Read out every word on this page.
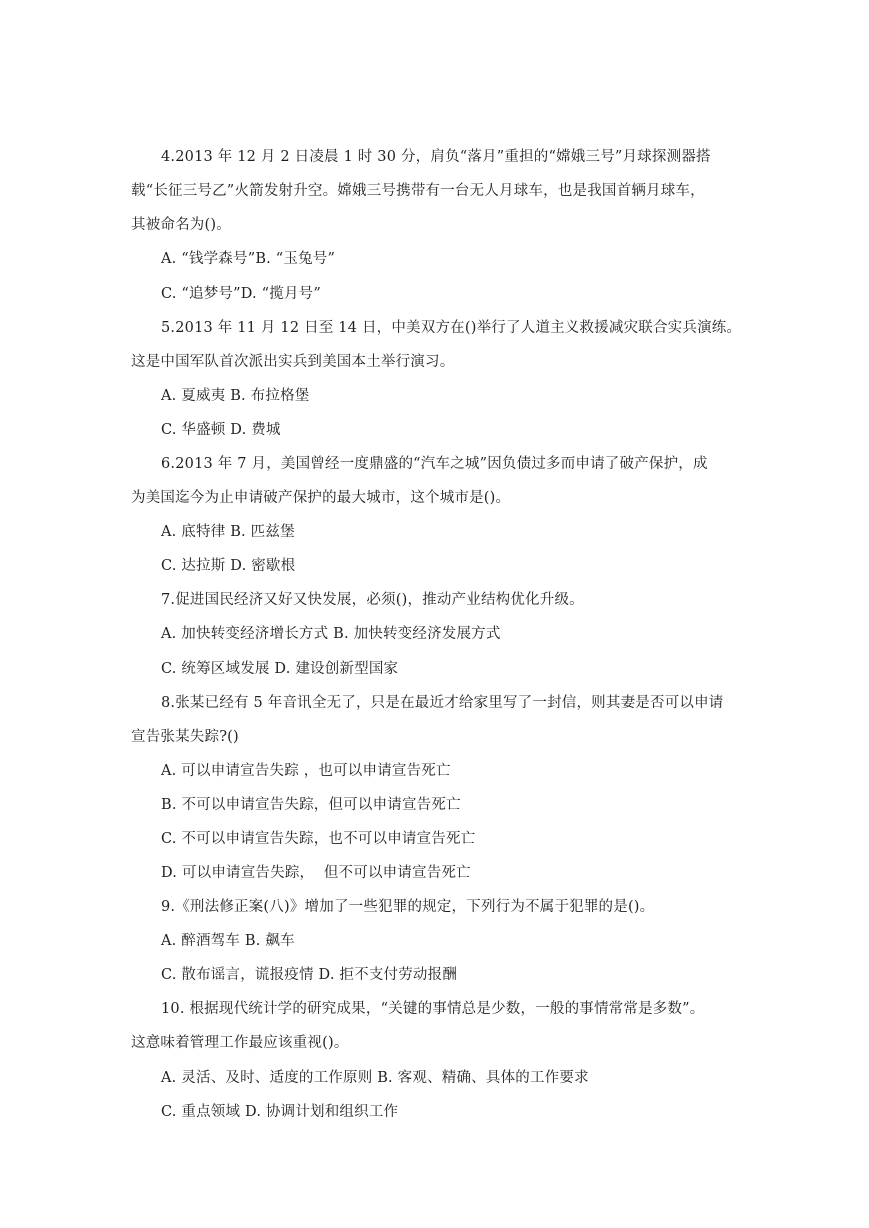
4.2013 年 12 月 2 日凌晨 1 时 30 分，肩负“落月”重担的“嫦娥三号”月球探测器搭
载“长征三号乙”火箭发射升空。嫦娥三号携带有一台无人月球车，也是我国首辆月球车，
其被命名为()。
A. “钱学森号”B. “玉兔号”
C. “追梦号”D. “揽月号”
5.2013 年 11 月 12 日至 14 日，中美双方在()举行了人道主义救援减灾联合实兵演练。
这是中国军队首次派出实兵到美国本土举行演习。
A. 夏威夷 B. 布拉格堡
C. 华盛顿 D. 费城
6.2013 年 7 月，美国曾经一度鼎盛的“汽车之城”因负债过多而申请了破产保护，成
为美国迄今为止申请破产保护的最大城市，这个城市是()。
A. 底特律 B. 匹兹堡
C. 达拉斯 D. 密歇根
7.促进国民经济又好又快发展，必须()，推动产业结构优化升级。
A. 加快转变经济增长方式 B. 加快转变经济发展方式
C. 统筹区域发展 D. 建设创新型国家
8.张某已经有 5 年音讯全无了，只是在最近才给家里写了一封信，则其妻是否可以申请
宣告张某失踪?()
A. 可以申请宣告失踪 ，也可以申请宣告死亡
B. 不可以申请宣告失踪，但可以申请宣告死亡
C. 不可以申请宣告失踪，也不可以申请宣告死亡
D. 可以申请宣告失踪，  但不可以申请宣告死亡
9.《刑法修正案(八)》增加了一些犯罪的规定，下列行为不属于犯罪的是()。
A. 醉酒驾车 B. 飙车
C. 散布谣言，谎报疫情 D. 拒不支付劳动报酬
10. 根据现代统计学的研究成果，“关键的事情总是少数，一般的事情常常是多数”。
这意味着管理工作最应该重视()。
A. 灵活、及时、适度的工作原则 B. 客观、精确、具体的工作要求
C. 重点领域 D. 协调计划和组织工作
